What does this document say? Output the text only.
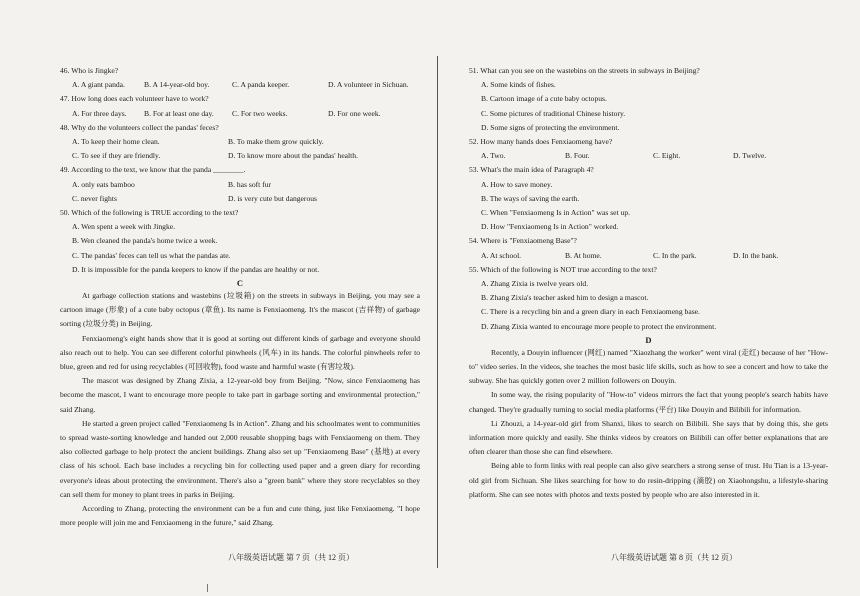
46. Who is Jingke?

A. A giant panda.	B. A 14-year-old boy.	C. A panda keeper.	D. A volunteer in Sichuan.

47. How long does each volunteer have to work?

A. For three days.	B. For at least one day.	C. For two weeks.	D. For one week.

48. Why do the volunteers collect the pandas' feces?

A. To keep their home clean.	B. To make them grow quickly.
C. To see if they are friendly.	D. To know more about the pandas' health.

49. According to the text, we know that the panda ________.

A. only eats bamboo	B. has soft fur
C. never fights	D. is very cute but dangerous

50. Which of the following is TRUE according to the text?

A. Wen spent a week with Jingke.
B. Wen cleaned the panda's home twice a week.
C. The pandas' feces can tell us what the pandas ate.
D. It is impossible for the panda keepers to know if the pandas are healthy or not.
C

At garbage collection stations and wastebins (垃圾箱) on the streets in subways in Beijing, you may see a cartoon image (形象) of a cute baby octopus (章鱼). Its name is Fenxiaomeng. It's the mascot (吉祥物) of garbage sorting (垃圾分类) in Beijing.

Fenxiaomeng's eight hands show that it is good at sorting out different kinds of garbage and everyone should also reach out to help. You can see different colorful pinwheels (风车) in its hands. The colorful pinwheels refer to blue, green and red for using recyclables (可回收物), food waste and harmful waste (有害垃圾).

The mascot was designed by Zhang Zixia, a 12-year-old boy from Beijing. "Now, since Fenxiaomeng has become the mascot, I want to encourage more people to take part in garbage sorting and environmental protection," said Zhang.

He started a green project called "Fenxiaomeng Is in Action". Zhang and his schoolmates went to communities to spread waste-sorting knowledge and handed out 2,000 reusable shopping bags with Fenxiaomeng on them. They also collected garbage to help protect the ancient buildings. Zhang also set up "Fenxiaomeng Base" (基地) at every class of his school. Each base includes a recycling bin for collecting used paper and a green diary for recording everyone's ideas about protecting the environment. There's also a "green bank" where they store recyclables so they can sell them for money to plant trees in parks in Beijing.

According to Zhang, protecting the environment can be a fun and cute thing, just like Fenxiaomeng. "I hope more people will join me and Fenxiaomeng in the future," said Zhang.

八年级英语试题 第 7 页（共 12 页）

51. What can you see on the wastebins on the streets in subways in Beijing?

A. Some kinds of fishes.
B. Cartoon image of a cute baby octopus.
C. Some pictures of traditional Chinese history.
D. Some signs of protecting the environment.

52. How many hands does Fenxiaomeng have?

A. Two.	B. Four.	C. Eight.	D. Twelve.

53. What's the main idea of Paragraph 4?

A. How to save money.
B. The ways of saving the earth.
C. When "Fenxiaomeng Is in Action" was set up.
D. How "Fenxiaomeng Is in Action" worked.

54. Where is "Fenxiaomeng Base"?

A. At school.	B. At home.	C. In the park.	D. In the bank.

55. Which of the following is NOT true according to the text?

A. Zhang Zixia is twelve years old.
B. Zhang Zixia's teacher asked him to design a mascot.
C. There is a recycling bin and a green diary in each Fenxiaomeng base.
D. Zhang Zixia wanted to encourage more people to protect the environment.
D

Recently, a Douyin influencer (网红) named "Xiaozhang the worker" went viral (走红) because of her "How-to" video series. In the videos, she teaches the most basic life skills, such as how to see a concert and how to take the subway. She has quickly gotten over 2 million followers on Douyin.

In some way, the rising popularity of "How-to" videos mirrors the fact that young people's search habits have changed. They're gradually turning to social media platforms (平台) like Douyin and Bilibili for information.

Li Zhouzi, a 14-year-old girl from Shanxi, likes to search on Bilibili. She says that by doing this, she gets information more quickly and easily. She thinks videos by creators on Bilibili can offer better explanations that are often clearer than those she can find elsewhere.

Being able to form links with real people can also give searchers a strong sense of trust. Hu Tian is a 13-year-old girl from Sichuan. She likes searching for how to do resin-dripping (滴胶) on Xiaohongshu, a lifestyle-sharing platform. She can see notes with photos and texts posted by people who are also interested in it.

八年级英语试题 第 8 页（共 12 页）
